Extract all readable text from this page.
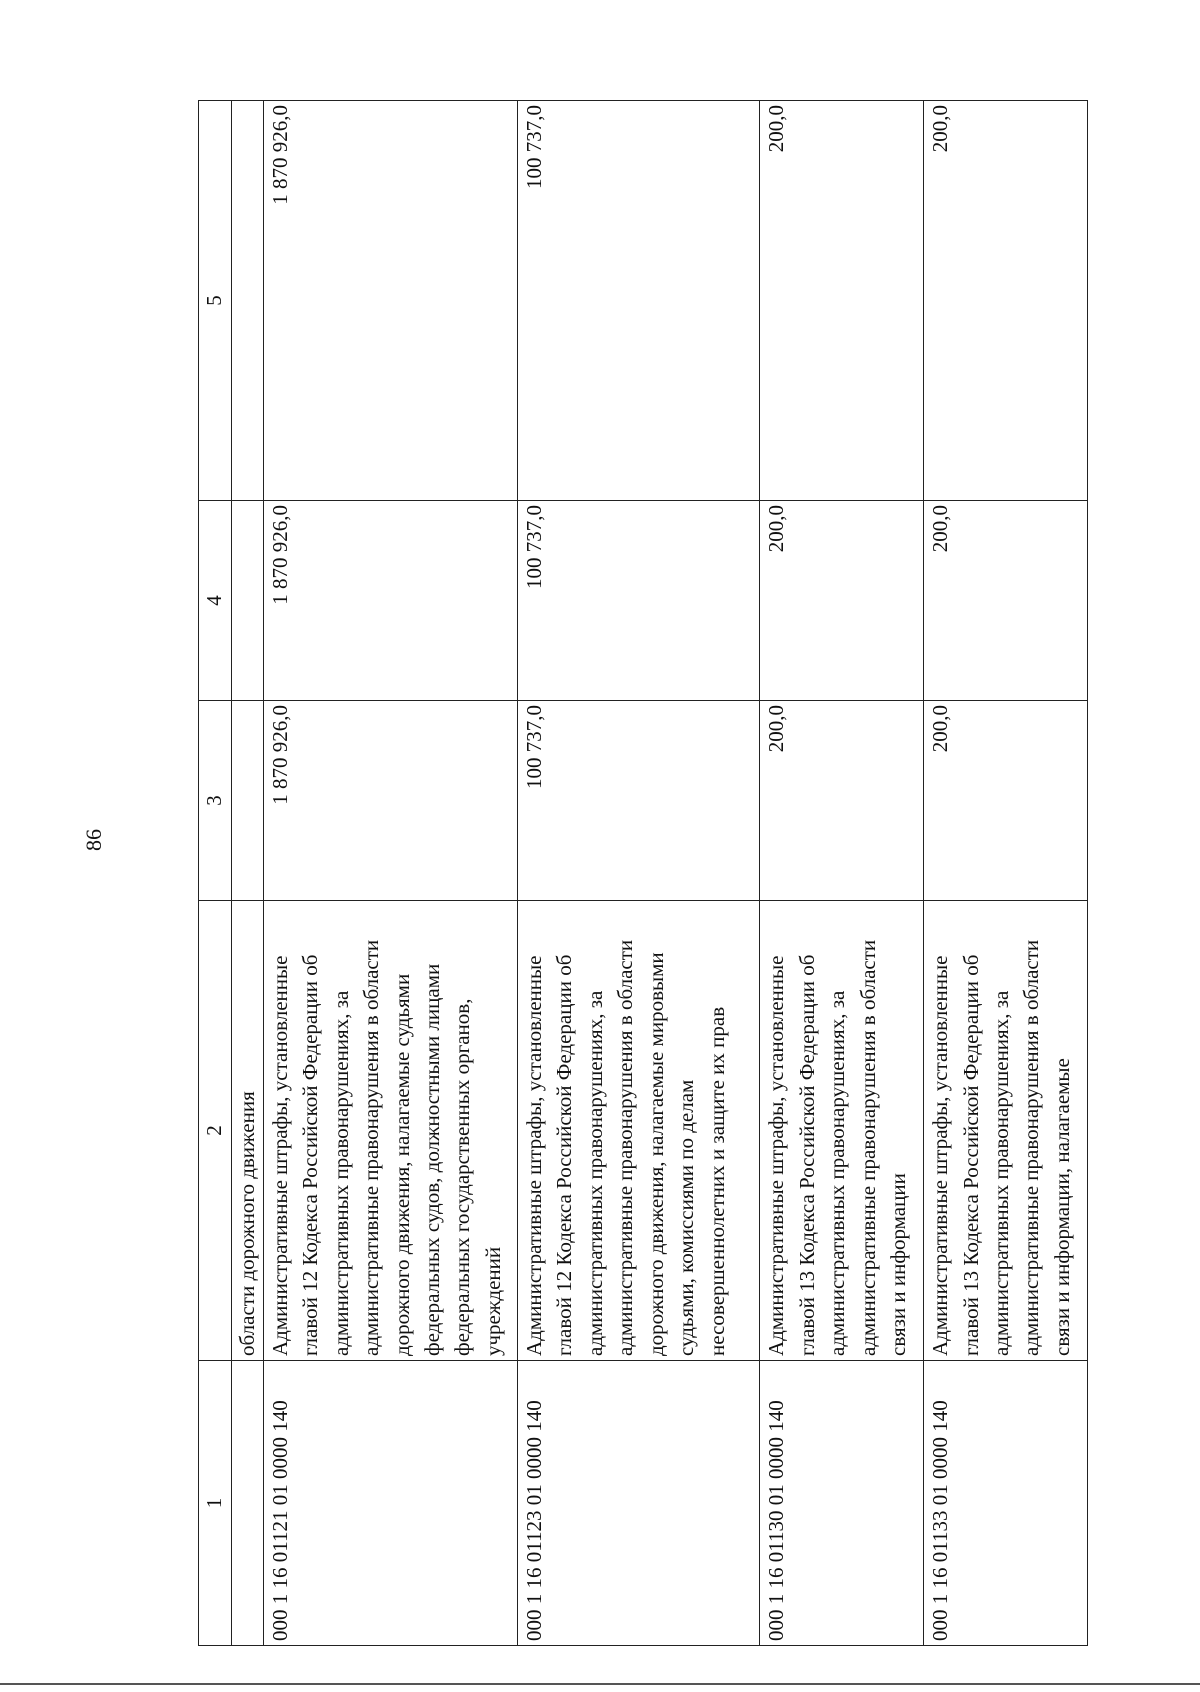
86
1	2	3	4	5
	области дорожного движения			
000 1 16 01121 01 0000 140	Административные штрафы, установленные главой 12 Кодекса Российской Федерации об административных правонарушениях, за административные правонарушения в области дорожного движения, налагаемые судьями федеральных судов, должностными лицами федеральных государственных органов, учреждений	1 870 926,0	1 870 926,0	1 870 926,0
000 1 16 01123 01 0000 140	Административные штрафы, установленные главой 12 Кодекса Российской Федерации об административных правонарушениях, за административные правонарушения в области дорожного движения, налагаемые мировыми судьями, комиссиями по делам несовершеннолетних и защите их прав	100 737,0	100 737,0	100 737,0
000 1 16 01130 01 0000 140	Административные штрафы, установленные главой 13 Кодекса Российской Федерации об административных правонарушениях, за административные правонарушения в области связи и информации	200,0	200,0	200,0
000 1 16 01133 01 0000 140	Административные штрафы, установленные главой 13 Кодекса Российской Федерации об административных правонарушениях, за административные правонарушения в области связи и информации, налагаемые	200,0	200,0	200,0
